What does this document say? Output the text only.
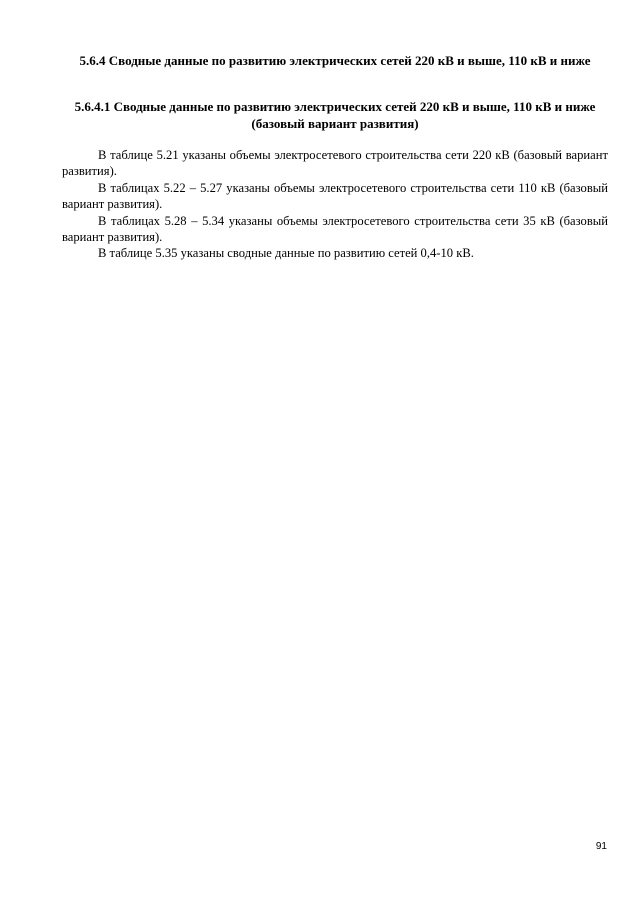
5.6.4 Сводные данные по развитию электрических сетей 220 кВ и выше, 110 кВ и ниже
5.6.4.1 Сводные данные по развитию электрических сетей 220 кВ и выше, 110 кВ и ниже (базовый вариант развития)

В таблице 5.21 указаны объемы электросетевого строительства сети 220 кВ (базовый вариант развития).

В таблицах 5.22 – 5.27 указаны объемы электросетевого строительства сети 110 кВ (базовый вариант развития).

В таблицах 5.28 – 5.34 указаны объемы электросетевого строительства сети 35 кВ (базовый вариант развития).

В таблице 5.35 указаны сводные данные по развитию сетей 0,4-10 кВ.

91
